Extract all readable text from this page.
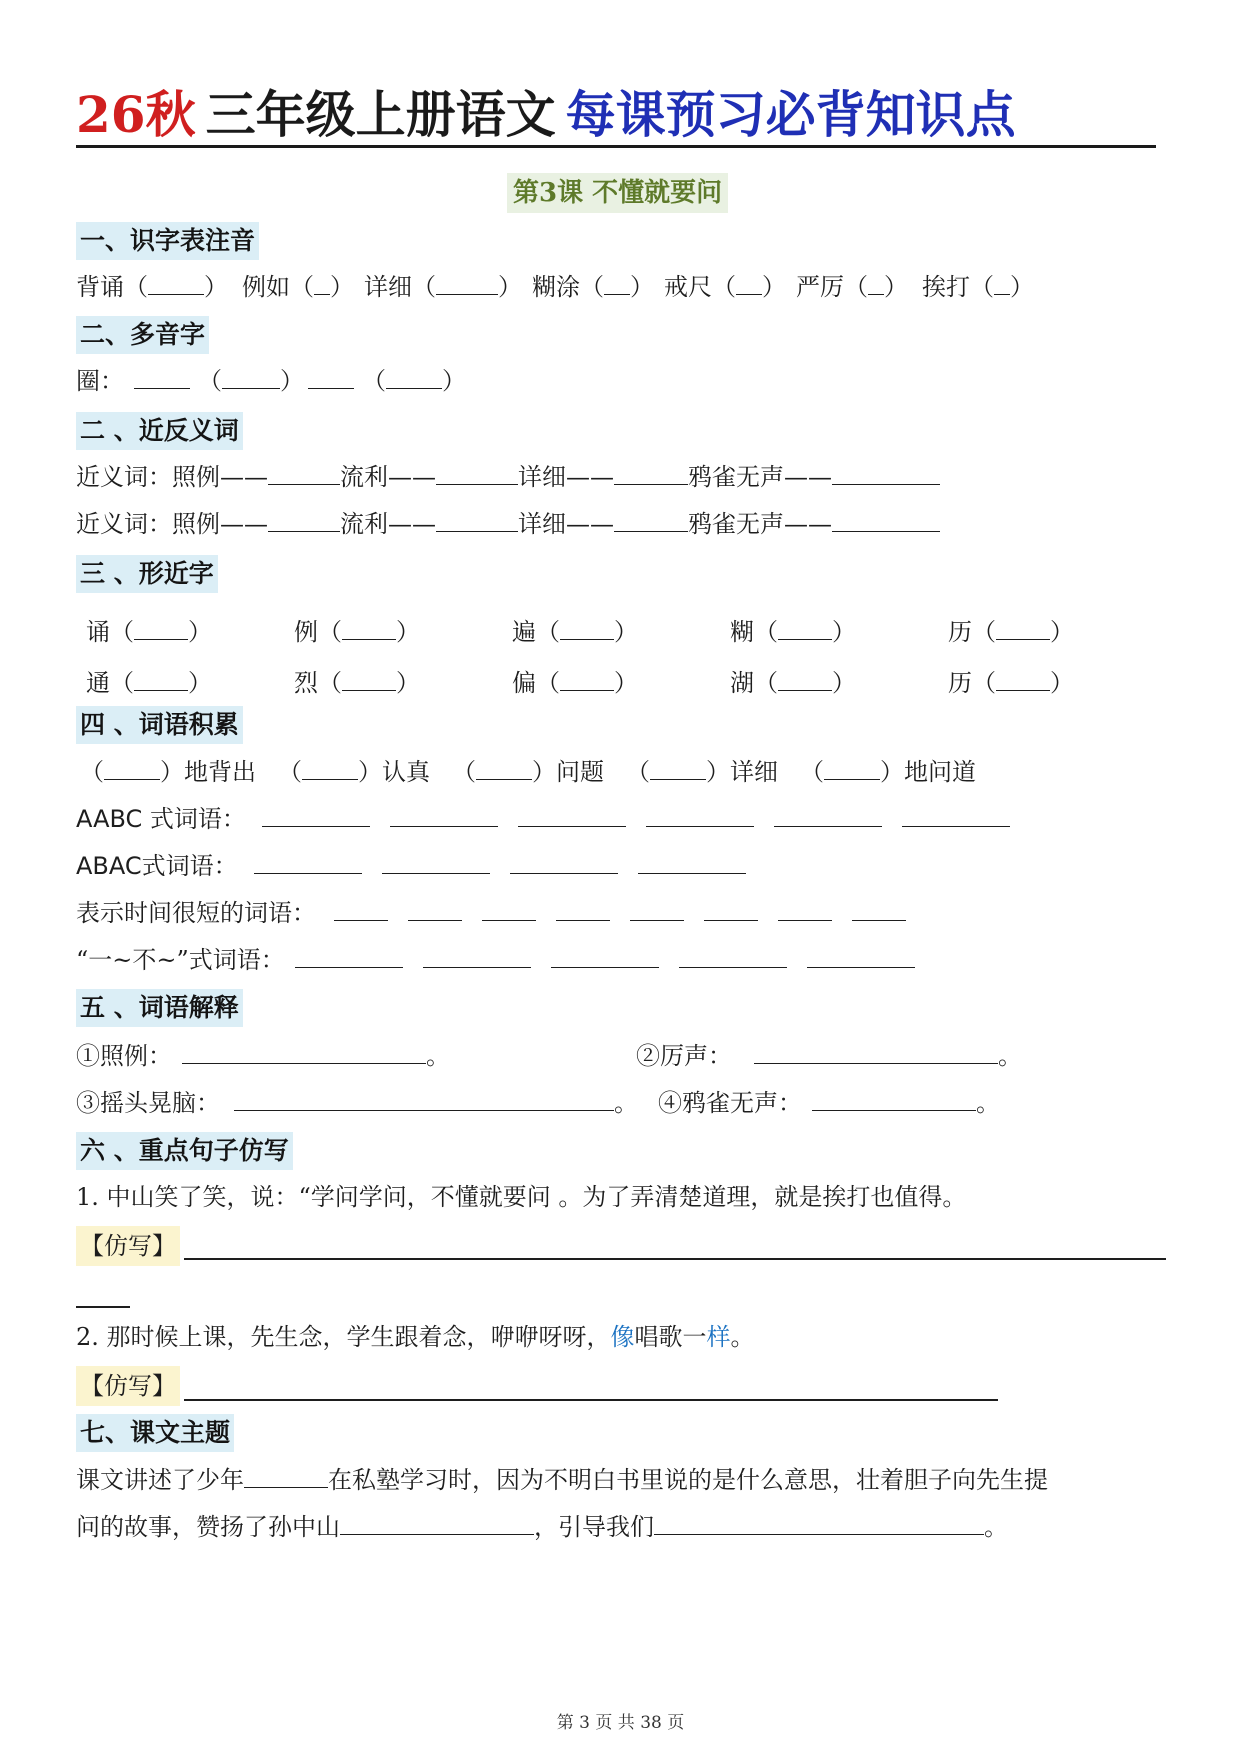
26秋 三年级上册语文 每课预习必背知识点
第3课 不懂就要问
一、识字表注音
背诵（ ） 例如（ ） 详细（	） 糊涂（ ） 戒尺（ ） 严厉（ ） 挨打（ ）
二、多音字
圈：	（ ） （ ）
二 、近反义词
近义词：照例——	流利——	详细——	鸦雀无声——
近义词：照例——	流利——	详细——	鸦雀无声——
三 、形近字
诵（ ）	例（ ）	遍（ ）	糊（ ）	历（ ）
通（ ）	烈（ ）	偏（ ）	湖（ ）	历（ ）
四 、词语积累
（ ）地背出 （ ）认真 （ ）问题 （ ）详细 （ ）地问道
AABC 式词语：
ABAC式词语：
表示时间很短的词语：
“一~不~”式词语：
五 、词语解释
①照例：	。	②厉声：	。
③摇头晃脑：	。 ④鸦雀无声：	。
六 、重点句子仿写
1. 中山笑了笑，说：“学问学问，不懂就要问 。为了弄清楚道理，就是挨打也值得。
【仿写】
2. 那时候上课，先生念，学生跟着念，咿咿呀呀，像唱歌一样。
【仿写】
七、课文主题
课文讲述了少年	在私塾学习时，因为不明白书里说的是什么意思，壮着胆子向先生提
问的故事，赞扬了孙中山	，引导我们	。
第 3 页 共 38 页
